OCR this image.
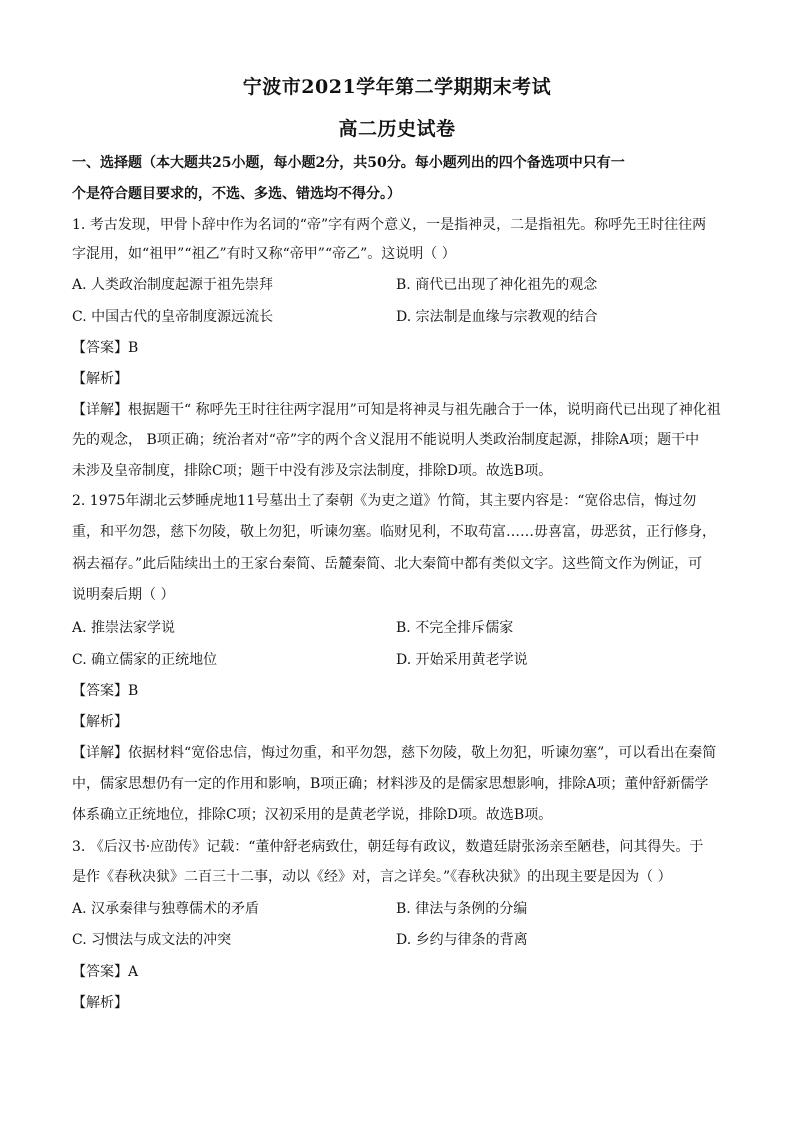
宁波市2021学年第二学期期末考试
高二历史试卷
一、选择题（本大题共25小题，每小题2分，共50分。每小题列出的四个备选项中只有一
个是符合题目要求的，不选、多选、错选均不得分。）
1. 考古发现，甲骨卜辞中作为名词的“帝”字有两个意义，一是指神灵，二是指祖先。称呼先王时往往两
字混用，如“祖甲”“祖乙”有时又称“帝甲”“帝乙”。这说明（ ）
A. 人类政治制度起源于祖先崇拜	B. 商代已出现了神化祖先的观念
C. 中国古代的皇帝制度源远流长	D. 宗法制是血缘与宗教观的结合
【答案】B
【解析】
【详解】根据题干“ 称呼先王时往往两字混用”可知是将神灵与祖先融合于一体，说明商代已出现了神化祖
先的观念， B项正确；统治者对“帝”字的两个含义混用不能说明人类政治制度起源，排除A项；题干中
未涉及皇帝制度，排除C项；题干中没有涉及宗法制度，排除D项。故选B项。
2. 1975年湖北云梦睡虎地11号墓出土了秦朝《为吏之道》竹简，其主要内容是：“宽俗忠信，悔过勿
重，和平勿怨，慈下勿陵，敬上勿犯，听谏勿塞。临财见利，不取苟富……毋喜富，毋恶贫，正行修身，
祸去福存。”此后陆续出土的王家台秦简、岳麓秦简、北大秦简中都有类似文字。这些简文作为例证，可
说明秦后期（ ）
A. 推崇法家学说	B. 不完全排斥儒家
C. 确立儒家的正统地位	D. 开始采用黄老学说
【答案】B
【解析】
【详解】依据材料“宽俗忠信，悔过勿重，和平勿怨，慈下勿陵，敬上勿犯，听谏勿塞”，可以看出在秦简
中，儒家思想仍有一定的作用和影响，B项正确；材料涉及的是儒家思想影响，排除A项；董仲舒新儒学
体系确立正统地位，排除C项；汉初采用的是黄老学说，排除D项。故选B项。
3. 《后汉书·应劭传》记载：“董仲舒老病致仕，朝廷每有政议，数遣廷尉张汤亲至陋巷，问其得失。于
是作《春秋决狱》二百三十二事，动以《经》对，言之详矣。”《春秋决狱》的出现主要是因为（ ）
A. 汉承秦律与独尊儒术的矛盾	B. 律法与条例的分编
C. 习惯法与成文法的冲突	D. 乡约与律条的背离
【答案】A
【解析】
